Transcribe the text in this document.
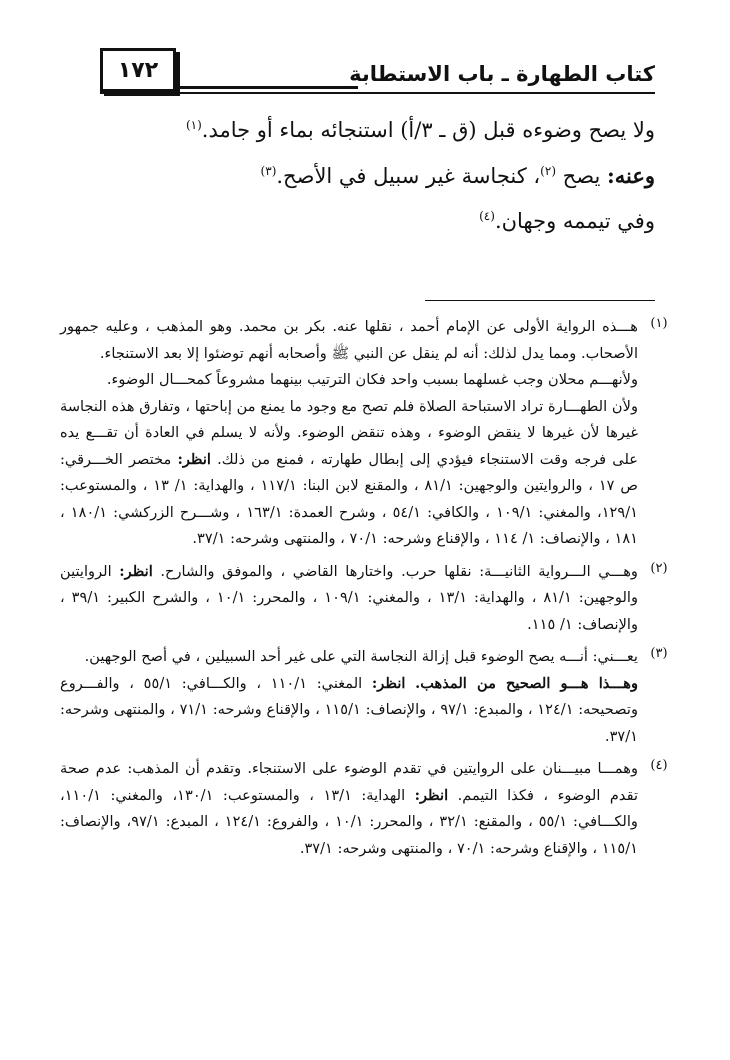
١٧٢	كتاب الطهارة ـ باب الاستطابة

ولا يصح وضوءه قبل (ق ـ ٣/أ) استنجائه بماء أو جامد.$^{(١)}$

وعنه: يصح $^{(٢)}$، كنجاسة غير سبيل في الأصح.$^{(٣)}$

وفي تيممه وجهان.$^{(٤)}$

(١)

هـــذه الرواية الأولى عن الإمام أحمد ، نقلها عنه. بكر بن محمد. وهو المذهب ، وعليه جمهور الأصحاب. ومما يدل لذلك: أنه لم ينقل عن النبي ﷺ وأصحابه أنهم توضئوا إلا بعد الاستنجاء.

ولأنهـــم محلان وجب غسلهما بسبب واحد فكان الترتيب بينهما مشروعاً كمحـــال الوضوء.

ولأن الطهـــارة تراد الاستباحة الصلاة فلم تصح مع وجود ما يمنع من إباحتها ، وتفارق هذه النجاسة غيرها لأن غيرها لا ينقض الوضوء ، وهذه تنقض الوضوء. ولأنه لا يسلم في العادة أن تقـــع يده على فرجه وقت الاستنجاء فيؤدي إلى إبطال طهارته ، فمنع من ذلك. انظر: مختصر الخـــرقي: ص ١٧ ، والروايتين والوجهين: ٨١/١ ، والمقنع لابن البنا: ١١٧/١ ، والهداية: ١/ ١٣ ، والمستوعب: ١٢٩/١، والمغني: ١٠٩/١ ، والكافي: ٥٤/١ ، وشرح العمدة: ١٦٣/١ ، وشـــرح الزركشي: ١٨٠/١ ، ١٨١ ، والإنصاف: ١/ ١١٤ ، والإقناع وشرحه: ٧٠/١ ، والمنتهى وشرحه: ٣٧/١.

(٢)

وهـــي الـــرواية الثانيـــة: نقلها حرب. واختارها القاضي ، والموفق والشارح. انظر: الروايتين والوجهين: ٨١/١ ، والهداية: ١٣/١ ، والمغني: ١٠٩/١ ، والمحرر: ١٠/١ ، والشرح الكبير: ٣٩/١ ، والإنصاف: ١/ ١١٥.

(٣)

يعـــني: أنـــه يصح الوضوء قبل إزالة النجاسة التي على غير أحد السبيلين ، في أصح الوجهين.

وهـــذا هـــو الصحيح من المذهب. انظر: المغني: ١١٠/١ ، والكـــافي: ٥٥/١ ، والفـــروع وتصحيحه: ١٢٤/١ ، والمبدع: ٩٧/١ ، والإنصاف: ١١٥/١ ، والإقناع وشرحه: ٧١/١ ، والمنتهى وشرحه: ٣٧/١.

(٤)

وهمـــا مبيـــنان على الروايتين في تقدم الوضوء على الاستنجاء. وتقدم أن المذهب: عدم صحة تقدم الوضوء ، فكذا التيمم. انظر: الهداية: ١٣/١ ، والمستوعب: ١٣٠/١، والمغني: ١١٠/١، والكـــافي: ٥٥/١ ، والمقنع: ٣٢/١ ، والمحرر: ١٠/١ ، والفروع: ١٢٤/١ ، المبدع: ٩٧/١، والإنصاف: ١١٥/١ ، والإقناع وشرحه: ٧٠/١ ، والمنتهى وشرحه: ٣٧/١.
